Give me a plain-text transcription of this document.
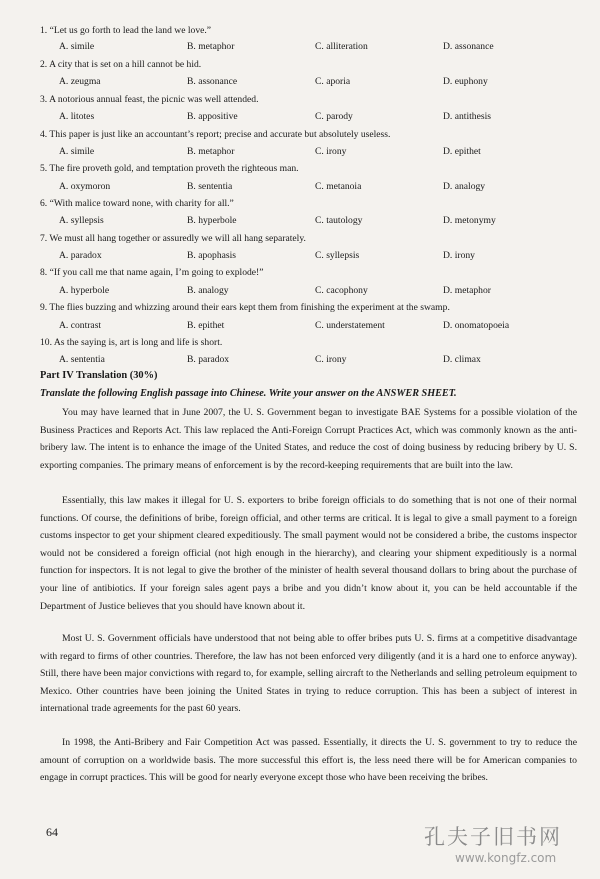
1. “Let us go forth to lead the land we love.”
A. simile	B. metaphor	C. alliteration	D. assonance
2. A city that is set on a hill cannot be hid.
A. zeugma	B. assonance	C. aporia	D. euphony
3. A notorious annual feast, the picnic was well attended.
A. litotes	B. appositive	C. parody	D. antithesis
4. This paper is just like an accountant’s report; precise and accurate but absolutely useless.
A. simile	B. metaphor	C. irony	D. epithet
5. The fire proveth gold, and temptation proveth the righteous man.
A. oxymoron	B. sententia	C. metanoia	D. analogy
6. “With malice toward none, with charity for all.”
A. syllepsis	B. hyperbole	C. tautology	D. metonymy
7. We must all hang together or assuredly we will all hang separately.
A. paradox	B. apophasis	C. syllepsis	D. irony
8. “If you call me that name again, I’m going to explode!”
A. hyperbole	B. analogy	C. cacophony	D. metaphor
9. The flies buzzing and whizzing around their ears kept them from finishing the experiment at the swamp.
A. contrast	B. epithet	C. understatement	D. onomatopoeia
10. As the saying is, art is long and life is short.
A. sententia	B. paradox	C. irony	D. climax
Part IV Translation (30%)
Translate the following English passage into Chinese. Write your answer on the ANSWER SHEET.
You may have learned that in June 2007, the U. S. Government began to investigate BAE Systems for a possible violation of the Business Practices and Reports Act. This law replaced the Anti-Foreign Corrupt Practices Act, which was commonly known as the anti-bribery law. The intent is to enhance the image of the United States, and reduce the cost of doing business by reducing bribery by U. S. exporting companies. The primary means of enforcement is by the record-keeping requirements that are built into the law.
Essentially, this law makes it illegal for U. S. exporters to bribe foreign officials to do something that is not one of their normal functions. Of course, the definitions of bribe, foreign official, and other terms are critical. It is legal to give a small payment to a foreign customs inspector to get your shipment cleared expeditiously. The small payment would not be considered a bribe, the customs inspector would not be considered a foreign official (not high enough in the hierarchy), and clearing your shipment expeditiously is a normal function for inspectors. It is not legal to give the brother of the minister of health several thousand dollars to bring about the purchase of your line of antibiotics. If your foreign sales agent pays a bribe and you didn’t know about it, you can be held accountable if the Department of Justice believes that you should have known about it.
Most U. S. Government officials have understood that not being able to offer bribes puts U. S. firms at a competitive disadvantage with regard to firms of other countries. Therefore, the law has not been enforced very diligently (and it is a hard one to enforce anyway). Still, there have been major convictions with regard to, for example, selling aircraft to the Netherlands and selling petroleum equipment to Mexico. Other countries have been joining the United States in trying to reduce corruption. This has been a subject of interest in international trade agreements for the past 60 years.
In 1998, the Anti-Bribery and Fair Competition Act was passed. Essentially, it directs the U. S. government to try to reduce the amount of corruption on a worldwide basis. The more successful this effort is, the less need there will be for American companies to engage in corrupt practices. This will be good for nearly everyone except those who have been receiving the bribes.
64	孔夫子旧书网
www.kongfz.com
